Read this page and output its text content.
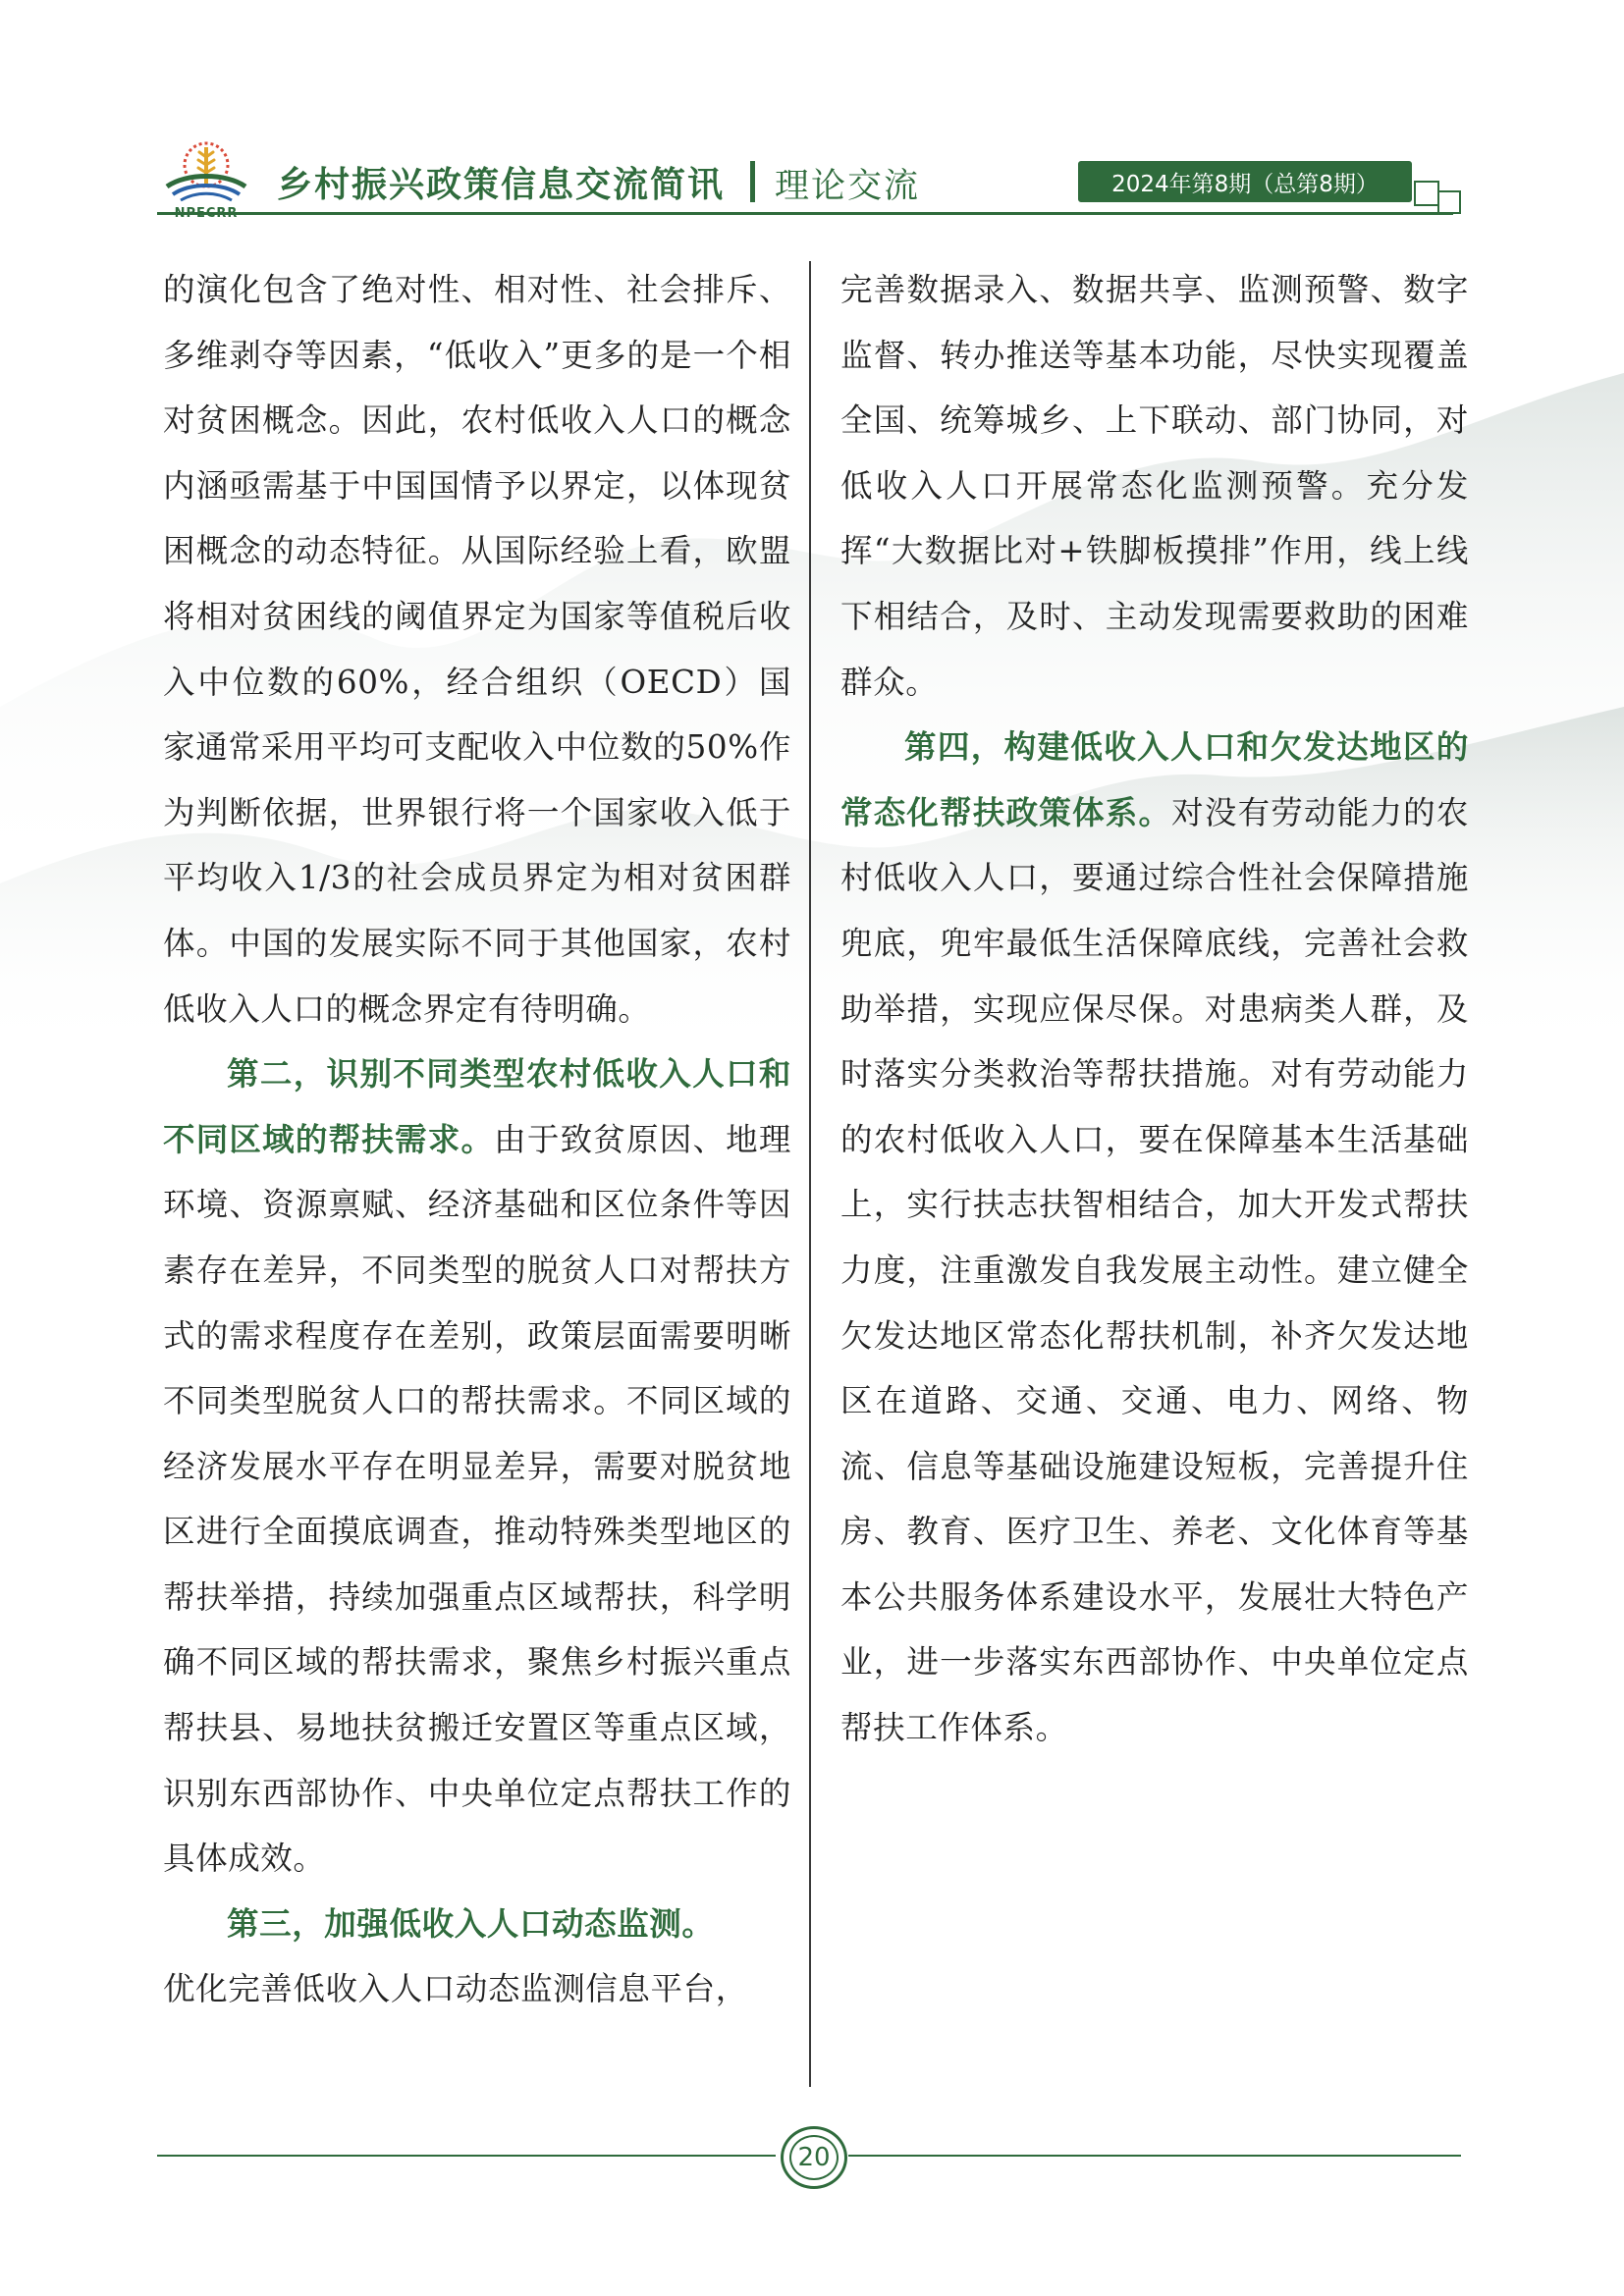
乡村振兴政策信息交流简讯 理论交流	2024年第8期（总第8期）

的演化包含了绝对性、相对性、社会排斥、多维剥夺等因素，“低收入”更多的是一个相对贫困概念。因此，农村低收入人口的概念内涵亟需基于中国国情予以界定，以体现贫困概念的动态特征。从国际经验上看，欧盟将相对贫困线的阈值界定为国家等值税后收入中位数的60%，经合组织（OECD）国家通常采用平均可支配收入中位数的50%作为判断依据，世界银行将一个国家收入低于平均收入1/3的社会成员界定为相对贫困群体。中国的发展实际不同于其他国家，农村低收入人口的概念界定有待明确。

第二，识别不同类型农村低收入人口和不同区域的帮扶需求。由于致贫原因、地理环境、资源禀赋、经济基础和区位条件等因素存在差异，不同类型的脱贫人口对帮扶方式的需求程度存在差别，政策层面需要明晰不同类型脱贫人口的帮扶需求。不同区域的经济发展水平存在明显差异，需要对脱贫地区进行全面摸底调查，推动特殊类型地区的帮扶举措，持续加强重点区域帮扶，科学明确不同区域的帮扶需求，聚焦乡村振兴重点帮扶县、易地扶贫搬迁安置区等重点区域，识别东西部协作、中央单位定点帮扶工作的具体成效。

第三，加强低收入人口动态监测。
优化完善低收入人口动态监测信息平台，

完善数据录入、数据共享、监测预警、数字监督、转办推送等基本功能，尽快实现覆盖全国、统筹城乡、上下联动、部门协同，对低收入人口开展常态化监测预警。充分发挥“大数据比对+铁脚板摸排”作用，线上线下相结合，及时、主动发现需要救助的困难群众。

第四，构建低收入人口和欠发达地区的常态化帮扶政策体系。对没有劳动能力的农村低收入人口，要通过综合性社会保障措施兜底，兜牢最低生活保障底线，完善社会救助举措，实现应保尽保。对患病类人群，及时落实分类救治等帮扶措施。对有劳动能力的农村低收入人口，要在保障基本生活基础上，实行扶志扶智相结合，加大开发式帮扶力度，注重激发自我发展主动性。建立健全欠发达地区常态化帮扶机制，补齐欠发达地区在道路、交通、交通、电力、网络、物流、信息等基础设施建设短板，完善提升住房、教育、医疗卫生、养老、文化体育等基本公共服务体系建设水平，发展壮大特色产业，进一步落实东西部协作、中央单位定点帮扶工作体系。

20
